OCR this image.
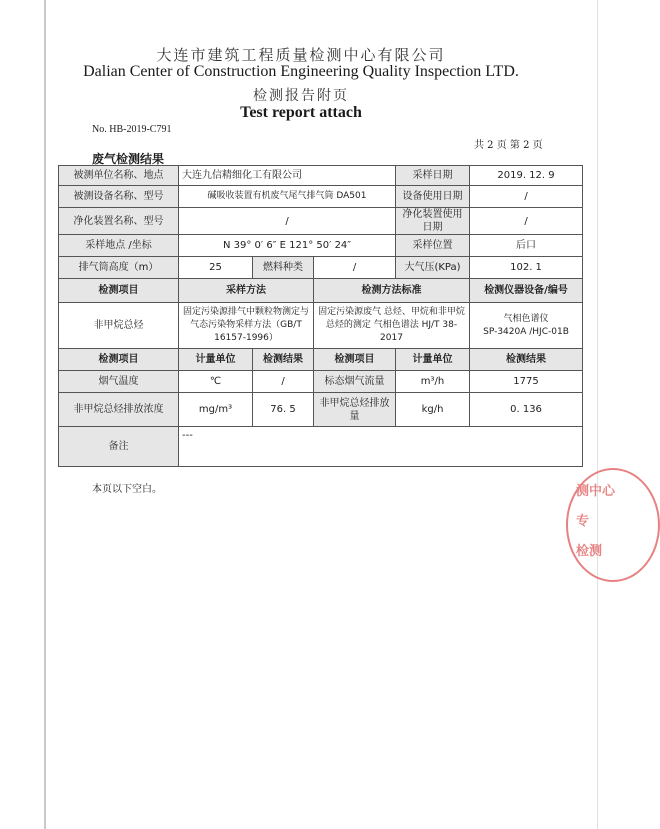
大连市建筑工程质量检测中心有限公司
Dalian Center of Construction Engineering Quality Inspection LTD.
检测报告附页
Test report attach
No. HB-2019-C791
共 2 页 第 2 页
废气检测结果
被测单位名称、地点	大连九信精细化工有限公司			采样日期	2019. 12. 9
被测设备名称、型号	碱吸收装置有机废气尾气排气筒 DA501			设备使用日期	/
净化装置名称、型号	/			净化装置使用日期	/
采样地点 /坐标	N 39° 0′ 6″ E 121° 50′ 24″			采样位置	后口
排气筒高度（m）	25	燃料种类	/	大气压(KPa)	102. 1
检测项目	采样方法		检测方法标准		检测仪器设备/编号
非甲烷总烃	固定污染源排气中颗粒物测定与气态污染物采样方法（GB/T 16157-1996）		固定污染源废气 总烃、甲烷和非甲烷总烃的测定 气相色谱法 HJ/T 38-2017		气相色谱仪
SP-3420A /HJC-01B

检测项目	计量单位	检测结果	检测项目	计量单位	检测结果
烟气温度	℃	/	标态烟气流量	m³/h	1775
非甲烷总烃排放浓度	mg/m³	76. 5	非甲烷总烃排放量	kg/h	0. 136
备注	---				
本页以下空白。	测中心
专
检测
